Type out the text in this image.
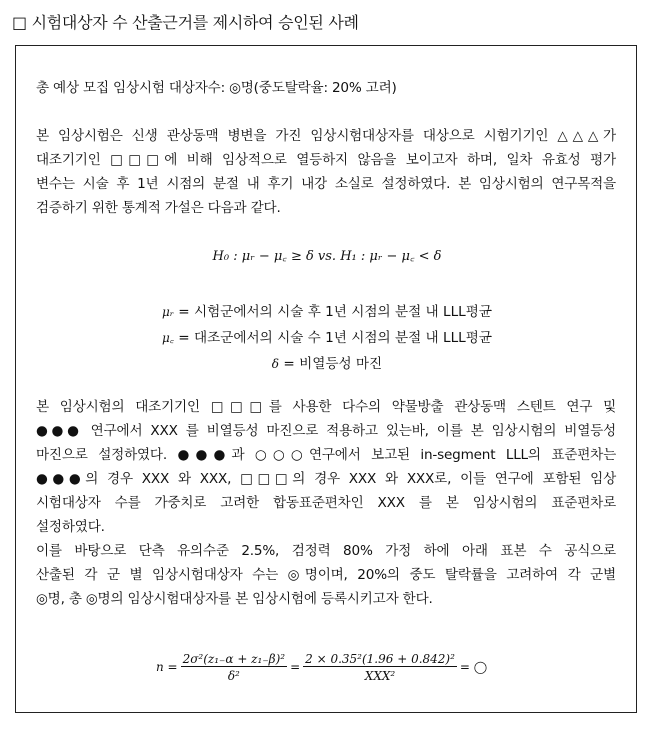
□ 시험대상자 수 산출근거를 제시하여 승인된 사례
총 예상 모집 임상시험 대상자수: ◎명(중도탈락율: 20% 고려)
본 임상시험은 신생 관상동맥 병변을 가진 임상시험대상자를 대상으로 시험기기인 △△△가
대조기기인 □□□에 비해 임상적으로 열등하지 않음을 보이고자 하며, 일차 유효성 평가
변수는 시술 후 1년 시점의 분절 내 후기 내강 소실로 설정하였다. 본 임상시험의 연구목적을
검증하기 위한 통계적 가설은 다음과 같다.
H₀ : μᵣ − μ꜀ ≥ δ vs. H₁ : μᵣ − μ꜀ < δ
μᵣ = 시험군에서의 시술 후 1년 시점의 분절 내 LLL평균
μ꜀ = 대조군에서의 시술 수 1년 시점의 분절 내 LLL평균
δ = 비열등성 마진
본 임상시험의 대조기기인 □□□를 사용한 다수의 약물방출 관상동맥 스텐트 연구 및
●●● 연구에서 XXX 를 비열등성 마진으로 적용하고 있는바, 이를 본 임상시험의 비열등성
마진으로 설정하였다. ●●●과 ○○○연구에서 보고된 in-segment LLL의 표준편차는
●●●의 경우 XXX 와 XXX, □□□의 경우 XXX 와 XXX로, 이들 연구에 포함된 임상
시험대상자 수를 가중치로 고려한 합동표준편차인 XXX 를 본 임상시험의 표준편차로
설정하였다.
이를 바탕으로 단측 유의수준 2.5%, 검정력 80% 가정 하에 아래 표본 수 공식으로
산출된 각 군 별 임상시험대상자 수는 ◎명이며, 20%의 중도 탈락률을 고려하여 각 군별
◎명, 총 ◎명의 임상시험대상자를 본 임상시험에 등록시키고자 한다.
$n = \frac{\text{2σ²(z₁₋α + z₁₋β)²}}{\text{δ²}} = \frac{\text{2 × 0.35²(1.96 + 0.842)²}}{\text{XXX²}}$ = ◯
